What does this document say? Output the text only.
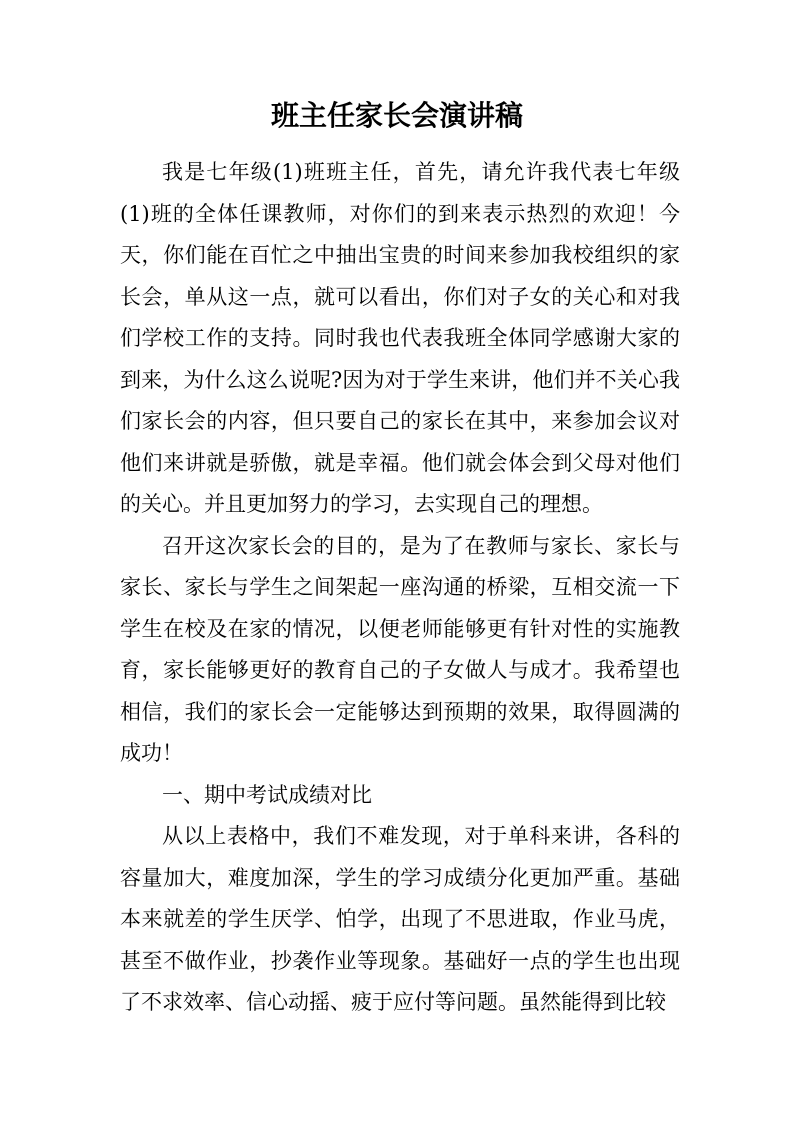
班主任家长会演讲稿

我是七年级(1)班班主任，首先，请允许我代表七年级(1)班的全体任课教师，对你们的到来表示热烈的欢迎！今天，你们能在百忙之中抽出宝贵的时间来参加我校组织的家长会，单从这一点，就可以看出，你们对子女的关心和对我们学校工作的支持。同时我也代表我班全体同学感谢大家的到来，为什么这么说呢?因为对于学生来讲，他们并不关心我们家长会的内容，但只要自己的家长在其中，来参加会议对他们来讲就是骄傲，就是幸福。他们就会体会到父母对他们的关心。并且更加努力的学习，去实现自己的理想。

召开这次家长会的目的，是为了在教师与家长、家长与家长、家长与学生之间架起一座沟通的桥梁，互相交流一下学生在校及在家的情况，以便老师能够更有针对性的实施教育，家长能够更好的教育自己的子女做人与成才。我希望也相信，我们的家长会一定能够达到预期的效果，取得圆满的成功！

一、期中考试成绩对比

从以上表格中，我们不难发现，对于单科来讲，各科的容量加大，难度加深，学生的学习成绩分化更加严重。基础本来就差的学生厌学、怕学，出现了不思进取，作业马虎，甚至不做作业，抄袭作业等现象。基础好一点的学生也出现了不求效率、信心动摇、疲于应付等问题。虽然能得到比较
